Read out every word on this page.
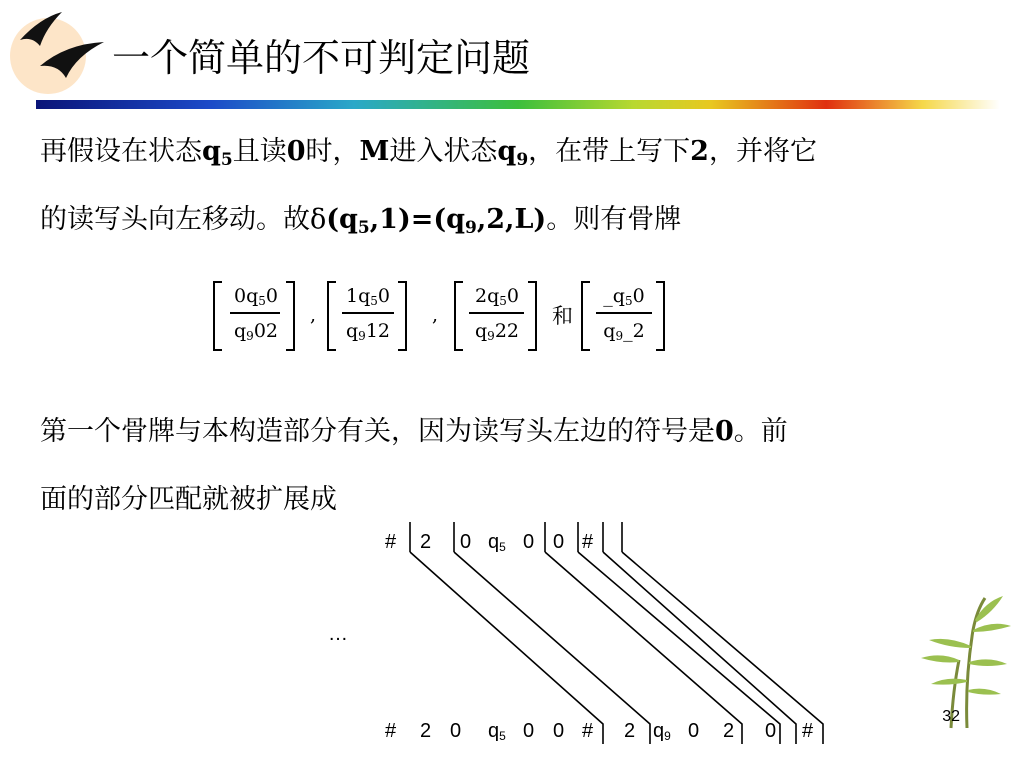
一个简单的不可判定问题
再假设在状态$q_5$且读0时，M进入状态$q_9$，在带上写下2，并将它
的读写头向左移动。故$\delta(q_5,1)=(q_9,2,L)$。则有骨牌
$0q_50$
$q_902$
$1q_50$
$q_912$
$2q_50$
$q_922$
$\_q_50$
$q_9\_2$
,	,	和
第一个骨牌与本构造部分有关，因为读写头左边的符号是0。前
面的部分匹配就被扩展成
# 2 0 $q_5$ 0 0 #
…
# 2 0 $q_5$ 0 0 # 2 $q_9$ 0 2 0 #
32
